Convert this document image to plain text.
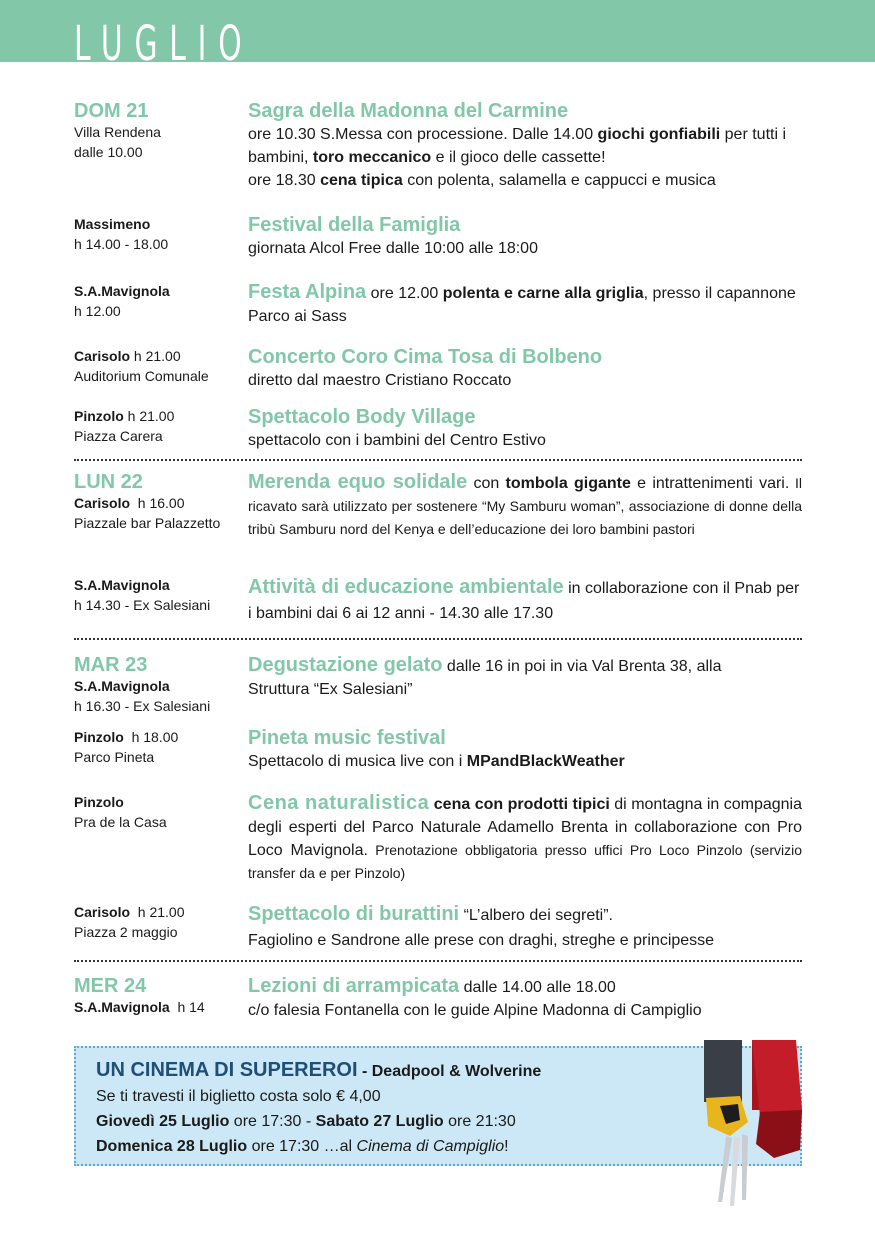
LUGLIO
DOM 21
Villa Rendena
dalle 10.00
Sagra della Madonna del Carmine
ore 10.30 S.Messa con processione. Dalle 14.00 giochi gonfiabili per tutti i bambini, toro meccanico e il gioco delle cassette!
ore 18.30 cena tipica con polenta, salamella e cappucci e musica
Massimeno
h 14.00 - 18.00
Festival della Famiglia
giornata Alcol Free dalle 10:00 alle 18:00
S.A.Mavignola
h 12.00
Festa Alpina ore 12.00 polenta e carne alla griglia, presso il capannone Parco ai Sass
Carisolo h 21.00
Auditorium Comunale
Concerto Coro Cima Tosa di Bolbeno
diretto dal maestro Cristiano Roccato
Pinzolo h 21.00
Piazza Carera
Spettacolo Body Village
spettacolo con i bambini del Centro Estivo
LUN 22
Carisolo h 16.00
Piazzale bar Palazzetto
Merenda equo solidale con tombola gigante e intrattenimenti vari. Il ricavato sarà utilizzato per sostenere “My Samburu woman”, associazione di donne della tribù Samburu nord del Kenya e dell’educazione dei loro bambini pastori
S.A.Mavignola
h 14.30 - Ex Salesiani
Attività di educazione ambientale in collaborazione con il Pnab per i bambini dai 6 ai 12 anni - 14.30 alle 17.30
MAR 23
S.A.Mavignola
h 16.30 - Ex Salesiani
Degustazione gelato dalle 16 in poi in via Val Brenta 38, alla Struttura “Ex Salesiani”
Pinzolo h 18.00
Parco Pineta
Pineta music festival
Spettacolo di musica live con i MPandBlackWeather
Pinzolo
Pra de la Casa
Cena naturalistica cena con prodotti tipici di montagna in compagnia degli esperti del Parco Naturale Adamello Brenta in collaborazione con Pro Loco Mavignola. Prenotazione obbligatoria presso uffici Pro Loco Pinzolo (servizio transfer da e per Pinzolo)
Carisolo h 21.00
Piazza 2 maggio
Spettacolo di burattini “L’albero dei segreti”.
Fagiolino e Sandrone alle prese con draghi, streghe e principesse
MER 24
S.A.Mavignola h 14
Lezioni di arrampicata dalle 14.00 alle 18.00
c/o falesia Fontanella con le guide Alpine Madonna di Campiglio
UN CINEMA DI SUPEREROI - Deadpool & Wolverine
Se ti travesti il biglietto costa solo € 4,00
Giovedì 25 Luglio ore 17:30 - Sabato 27 Luglio ore 21:30
Domenica 28 Luglio ore 17:30 …al Cinema di Campiglio!
